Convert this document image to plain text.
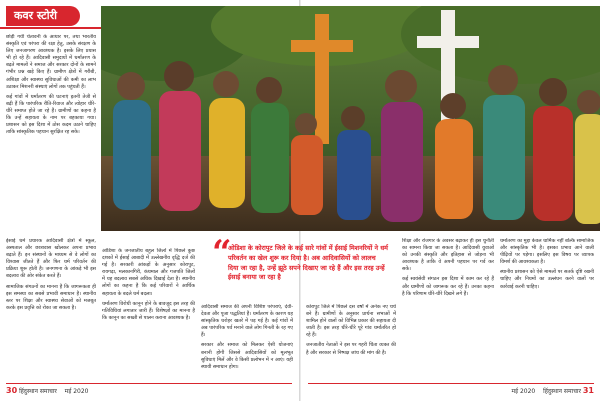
कवर स्टोरी

छोड़ी गयी चेतावनी के आधार पर, तथा भारतीय संस्कृति एवं परंपरा की रक्षा हेतु, उसके संरक्षण के लिए जनजागरण आवश्यक है। इसके लिए प्रयास भी हो रहे हैं। आदिवासी समुदायों में धर्मांतरण के बढ़ते मामलों ने समाज और सरकार दोनों के सामने गंभीर प्रश्न खड़े किए हैं। ग्रामीण क्षेत्रों में गरीबी, अशिक्षा और स्वास्थ्य सुविधाओं की कमी का लाभ उठाकर मिशनरी संस्थाएं लोगों तक पहुंचती हैं।

कई गांवों में धर्मांतरण की घटनाएं इतनी तेजी से बढ़ी हैं कि पारंपरिक रीति-रिवाज और त्योहार धीरे-धीरे समाप्त होते जा रहे हैं। ग्रामीणों का कहना है कि उन्हें सहायता के नाम पर बहकाया गया। प्रशासन को इस दिशा में ठोस कदम उठाने चाहिए ताकि सांस्कृतिक पहचान सुरक्षित रह सके।

ईसाई धर्म प्रचारक आदिवासी क्षेत्रों में स्कूल, अस्पताल और छात्रावास खोलकर अपना प्रभाव बढ़ाते हैं। इन संस्थानों के माध्यम से वे लोगों का विश्वास जीतते हैं और फिर धर्म परिवर्तन की प्रक्रिया शुरू होती है। जनगणना के आंकड़े भी इस बदलाव की ओर संकेत करते हैं।

सामाजिक संगठनों का मानना है कि जागरूकता ही इस समस्या का सबसे प्रभावी समाधान है। स्थानीय स्तर पर शिक्षा और स्वास्थ्य सेवाओं को मजबूत करके इस प्रवृत्ति को रोका जा सकता है।

ओडिशा के जनजातीय बहुल जिलों में पिछले कुछ दशकों में ईसाई आबादी में उल्लेखनीय वृद्धि दर्ज की गई है। सरकारी आंकड़ों के अनुसार कोरापुट, रायगढ़ा, मलकानगिरी, कंधमाल और गजपति जिलों में यह बदलाव सबसे अधिक दिखाई देता है। स्थानीय लोगों का कहना है कि कई परिवारों ने आर्थिक सहायता के बदले धर्म बदला।

धर्मांतरण विरोधी कानून होने के बावजूद इस तरह की गतिविधियां लगातार जारी हैं। विशेषज्ञों का मानना है कि कानून का सख्ती से पालन कराना आवश्यक है।

आदिवासी समाज की अपनी विशिष्ट परंपराएं, देवी-देवता और पूजा पद्धतियां हैं। धर्मांतरण के कारण यह सांस्कृतिक धरोहर खतरे में पड़ गई है। कई गांवों में अब पारंपरिक पर्व मनाने वाले लोग गिनती के रह गए हैं।

सरकार और समाज को मिलकर ऐसी योजनाएं बनानी होंगी जिससे आदिवासियों को मूलभूत सुविधाएं मिलें और वे किसी प्रलोभन में न आएं। यही स्थायी समाधान होगा।

“
ओडिशा के कोरापुट जिले के कई सारे गांवों में ईसाई मिशनरियों ने धर्म परिवर्तन का खेल शुरू कर दिया है। अब आदिवासियों को लालच दिया जा रहा है, उन्हें झूठे सपने दिखाए जा रहे हैं और इस तरह उन्हें ईसाई बनाया जा रहा है

कोरापुट जिले में पिछले दस वर्षों में अनेक नए चर्च बने हैं। ग्रामीणों के अनुसार प्रार्थना सभाओं में शामिल होने वालों को विभिन्न प्रकार की सहायता दी जाती है। इस तरह धीरे-धीरे पूरे गांव धर्मांतरित हो रहे हैं।

जनजातीय नेताओं ने इस पर गहरी चिंता व्यक्त की है और सरकार से निष्पक्ष जांच की मांग की है।

शिक्षा और रोजगार के अवसर बढ़ाकर ही इस चुनौती का सामना किया जा सकता है। आदिवासी युवाओं को उनकी संस्कृति और इतिहास से जोड़ना भी आवश्यक है ताकि वे अपनी पहचान पर गर्व कर सकें।

कई स्वयंसेवी संगठन इस दिशा में काम कर रहे हैं और ग्रामीणों को जागरूक कर रहे हैं। उनका कहना है कि परिणाम धीरे-धीरे दिखने लगे हैं।

धर्मांतरण का मुद्दा केवल धार्मिक नहीं बल्कि सामाजिक और सांस्कृतिक भी है। इसका प्रभाव आने वाली पीढ़ियों पर पड़ेगा। इसलिए इस विषय पर व्यापक विमर्श की आवश्यकता है।

स्थानीय प्रशासन को ऐसे मामलों पर सतर्क दृष्टि रखनी चाहिए और नियमों का उल्लंघन करने वालों पर कार्रवाई करनी चाहिए।

30 हिंदुस्थान समाचार मई 2020	मई 2020 हिंदुस्थान समाचार 31
